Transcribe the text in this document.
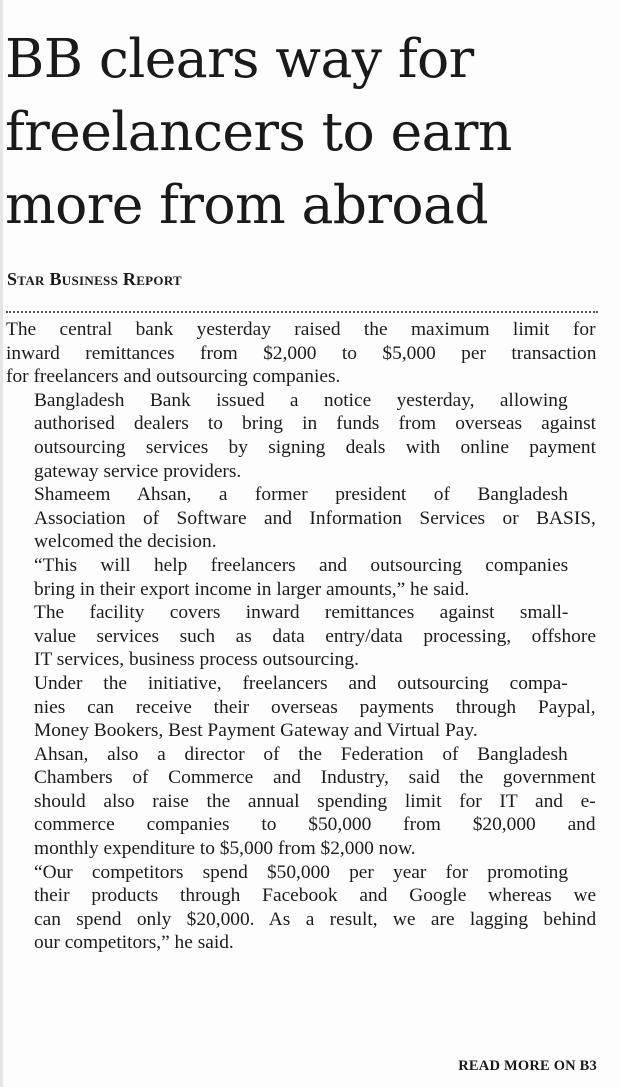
BB clears way for
freelancers to earn
more from abroad

Star Business Report

The central bank yesterday raised the maximum limit for
inward remittances from $2,000 to $5,000 per transaction
for freelancers and outsourcing companies.

Bangladesh Bank issued a notice yesterday, allowing
authorised dealers to bring in funds from overseas against
outsourcing services by signing deals with online payment
gateway service providers.

Shameem Ahsan, a former president of Bangladesh
Association of Software and Information Services or BASIS,
welcomed the decision.

“This will help freelancers and outsourcing companies
bring in their export income in larger amounts,” he said.

The facility covers inward remittances against small-
value services such as data entry/data processing, offshore
IT services, business process outsourcing.

Under the initiative, freelancers and outsourcing compa-
nies can receive their overseas payments through Paypal,
Money Bookers, Best Payment Gateway and Virtual Pay.

Ahsan, also a director of the Federation of Bangladesh
Chambers of Commerce and Industry, said the government
should also raise the annual spending limit for IT and e-
commerce companies to $50,000 from $20,000 and
monthly expenditure to $5,000 from $2,000 now.

“Our competitors spend $50,000 per year for promoting
their products through Facebook and Google whereas we
can spend only $20,000. As a result, we are lagging behind
our competitors,” he said.

READ MORE ON B3
